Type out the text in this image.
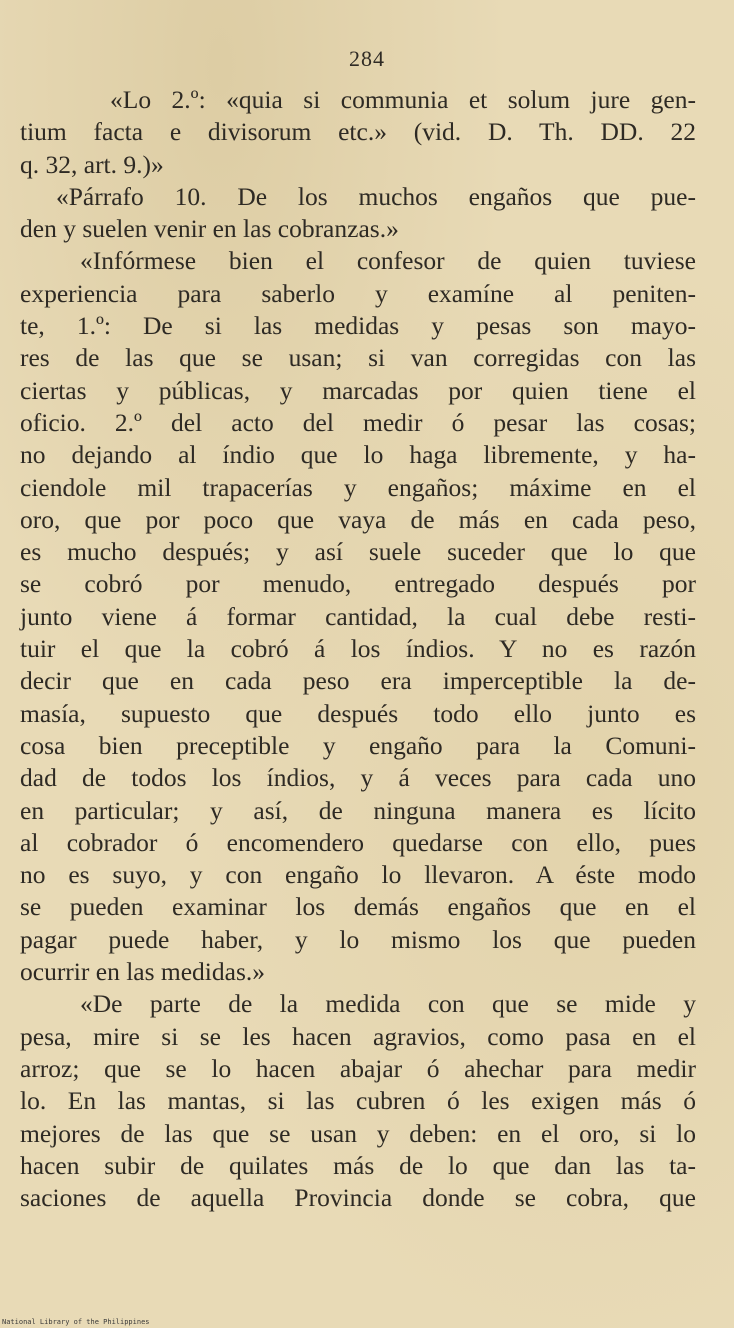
284
«Lo 2.º: «quia si communia et solum jure gen-
tium facta e divisorum etc.» (vid. D. Th. DD. 22
q. 32, art. 9.)»
«Párrafo 10. De los muchos engaños que pue-
den y suelen venir en las cobranzas.»
«Infórmese bien el confesor de quien tuviese
experiencia para saberlo y examíne al peniten-
te, 1.º: De si las medidas y pesas son mayo-
res de las que se usan; si van corregidas con las
ciertas y públicas, y marcadas por quien tiene el
oficio. 2.º del acto del medir ó pesar las cosas;
no dejando al índio que lo haga libremente, y ha-
ciendole mil trapacerías y engaños; máxime en el
oro, que por poco que vaya de más en cada peso,
es mucho después; y así suele suceder que lo que
se cobró por menudo, entregado después por
junto viene á formar cantidad, la cual debe resti-
tuir el que la cobró á los índios. Y no es razón
decir que en cada peso era imperceptible la de-
masía, supuesto que después todo ello junto es
cosa bien preceptible y engaño para la Comuni-
dad de todos los índios, y á veces para cada uno
en particular; y así, de ninguna manera es lícito
al cobrador ó encomendero quedarse con ello, pues
no es suyo, y con engaño lo llevaron. A éste modo
se pueden examinar los demás engaños que en el
pagar puede haber, y lo mismo los que pueden
ocurrir en las medidas.»
«De parte de la medida con que se mide y
pesa, mire si se les hacen agravios, como pasa en el
arroz; que se lo hacen abajar ó ahechar para medir
lo. En las mantas, si las cubren ó les exigen más ó
mejores de las que se usan y deben: en el oro, si lo
hacen subir de quilates más de lo que dan las ta-
saciones de aquella Provincia donde se cobra, que
National Library of the Philippines
